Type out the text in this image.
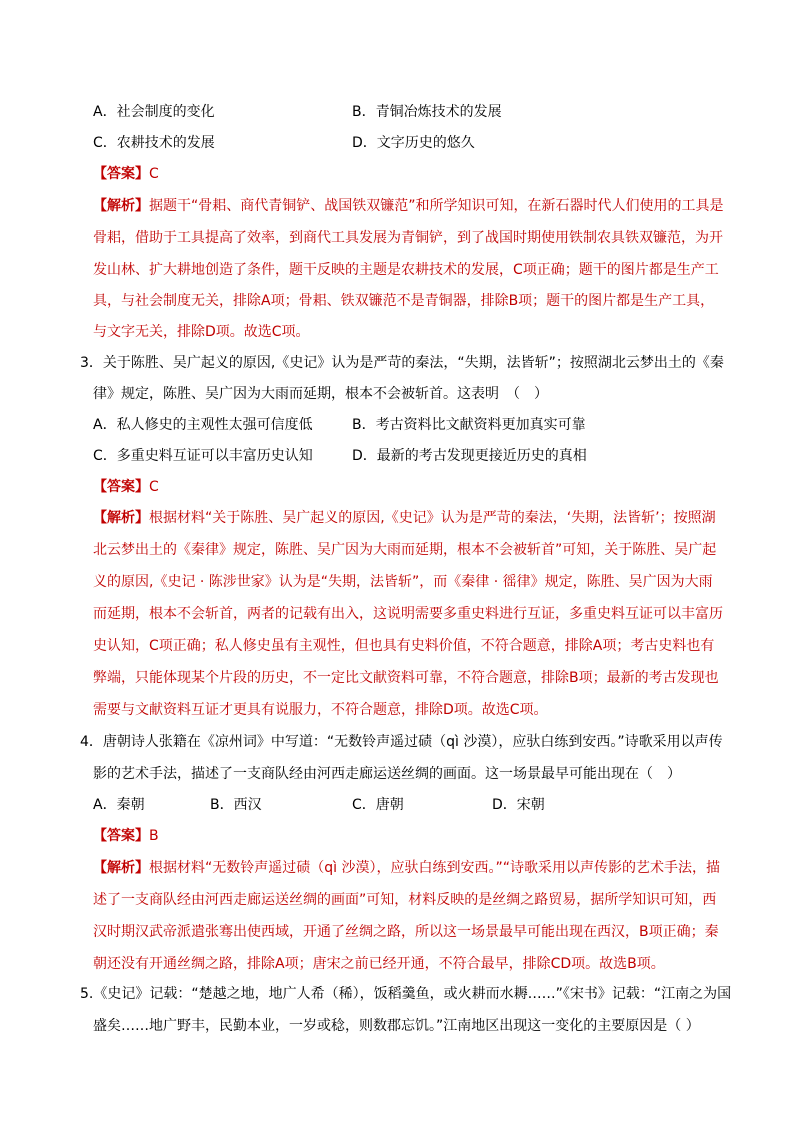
A．社会制度的变化	B．青铜冶炼技术的发展
C．农耕技术的发展	D．文字历史的悠久
【答案】C
【解析】据题干“骨耜、商代青铜铲、战国铁双镰范”和所学知识可知，在新石器时代人们使用的工具是
骨耜，借助于工具提高了效率，到商代工具发展为青铜铲，到了战国时期使用铁制农具铁双镰范，为开
发山林、扩大耕地创造了条件，题干反映的主题是农耕技术的发展，C项正确；题干的图片都是生产工
具，与社会制度无关，排除A项；骨耜、铁双镰范不是青铜器，排除B项；题干的图片都是生产工具，
与文字无关，排除D项。故选C项。
3．关于陈胜、吴广起义的原因,《史记》认为是严苛的秦法，“失期，法皆斩”；按照湖北云梦出土的《秦
律》规定，陈胜、吴广因为大雨而延期，根本不会被斩首。这表明　（　）
A．私人修史的主观性太强可信度低	B．考古资料比文献资料更加真实可靠
C．多重史料互证可以丰富历史认知	D．最新的考古发现更接近历史的真相
【答案】C
【解析】根据材料“关于陈胜、吴广起义的原因,《史记》认为是严苛的秦法，‘失期，法皆斩’；按照湖
北云梦出土的《秦律》规定，陈胜、吴广因为大雨而延期，根本不会被斩首”可知，关于陈胜、吴广起
义的原因,《史记 · 陈涉世家》认为是“失期，法皆斩”，而《秦律 · 徭律》规定，陈胜、吴广因为大雨
而延期，根本不会斩首，两者的记载有出入，这说明需要多重史料进行互证，多重史料互证可以丰富历
史认知，C项正确；私人修史虽有主观性，但也具有史料价值，不符合题意，排除A项；考古史料也有
弊端，只能体现某个片段的历史，不一定比文献资料可靠，不符合题意，排除B项；最新的考古发现也
需要与文献资料互证才更具有说服力，不符合题意，排除D项。故选C项。
4．唐朝诗人张籍在《凉州词》中写道：“无数铃声遥过碛（qì 沙漠），应驮白练到安西。”诗歌采用以声传
影的艺术手法，描述了一支商队经由河西走廊运送丝绸的画面。这一场景最早可能出现在（　）
A．秦朝	B．西汉	C．唐朝	D．宋朝
【答案】B
【解析】根据材料“无数铃声遥过碛（qì 沙漠），应驮白练到安西。”“诗歌采用以声传影的艺术手法，描
述了一支商队经由河西走廊运送丝绸的画面”可知，材料反映的是丝绸之路贸易，据所学知识可知，西
汉时期汉武帝派遣张骞出使西域，开通了丝绸之路，所以这一场景最早可能出现在西汉，B项正确；秦
朝还没有开通丝绸之路，排除A项；唐宋之前已经开通，不符合最早，排除CD项。故选B项。
5.《史记》记载：“楚越之地，地广人希（稀），饭稻羹鱼，或火耕而水耨……”《宋书》记载：“江南之为国
盛矣……地广野丰，民勤本业，一岁或稔，则数郡忘饥。”江南地区出现这一变化的主要原因是（ ）
